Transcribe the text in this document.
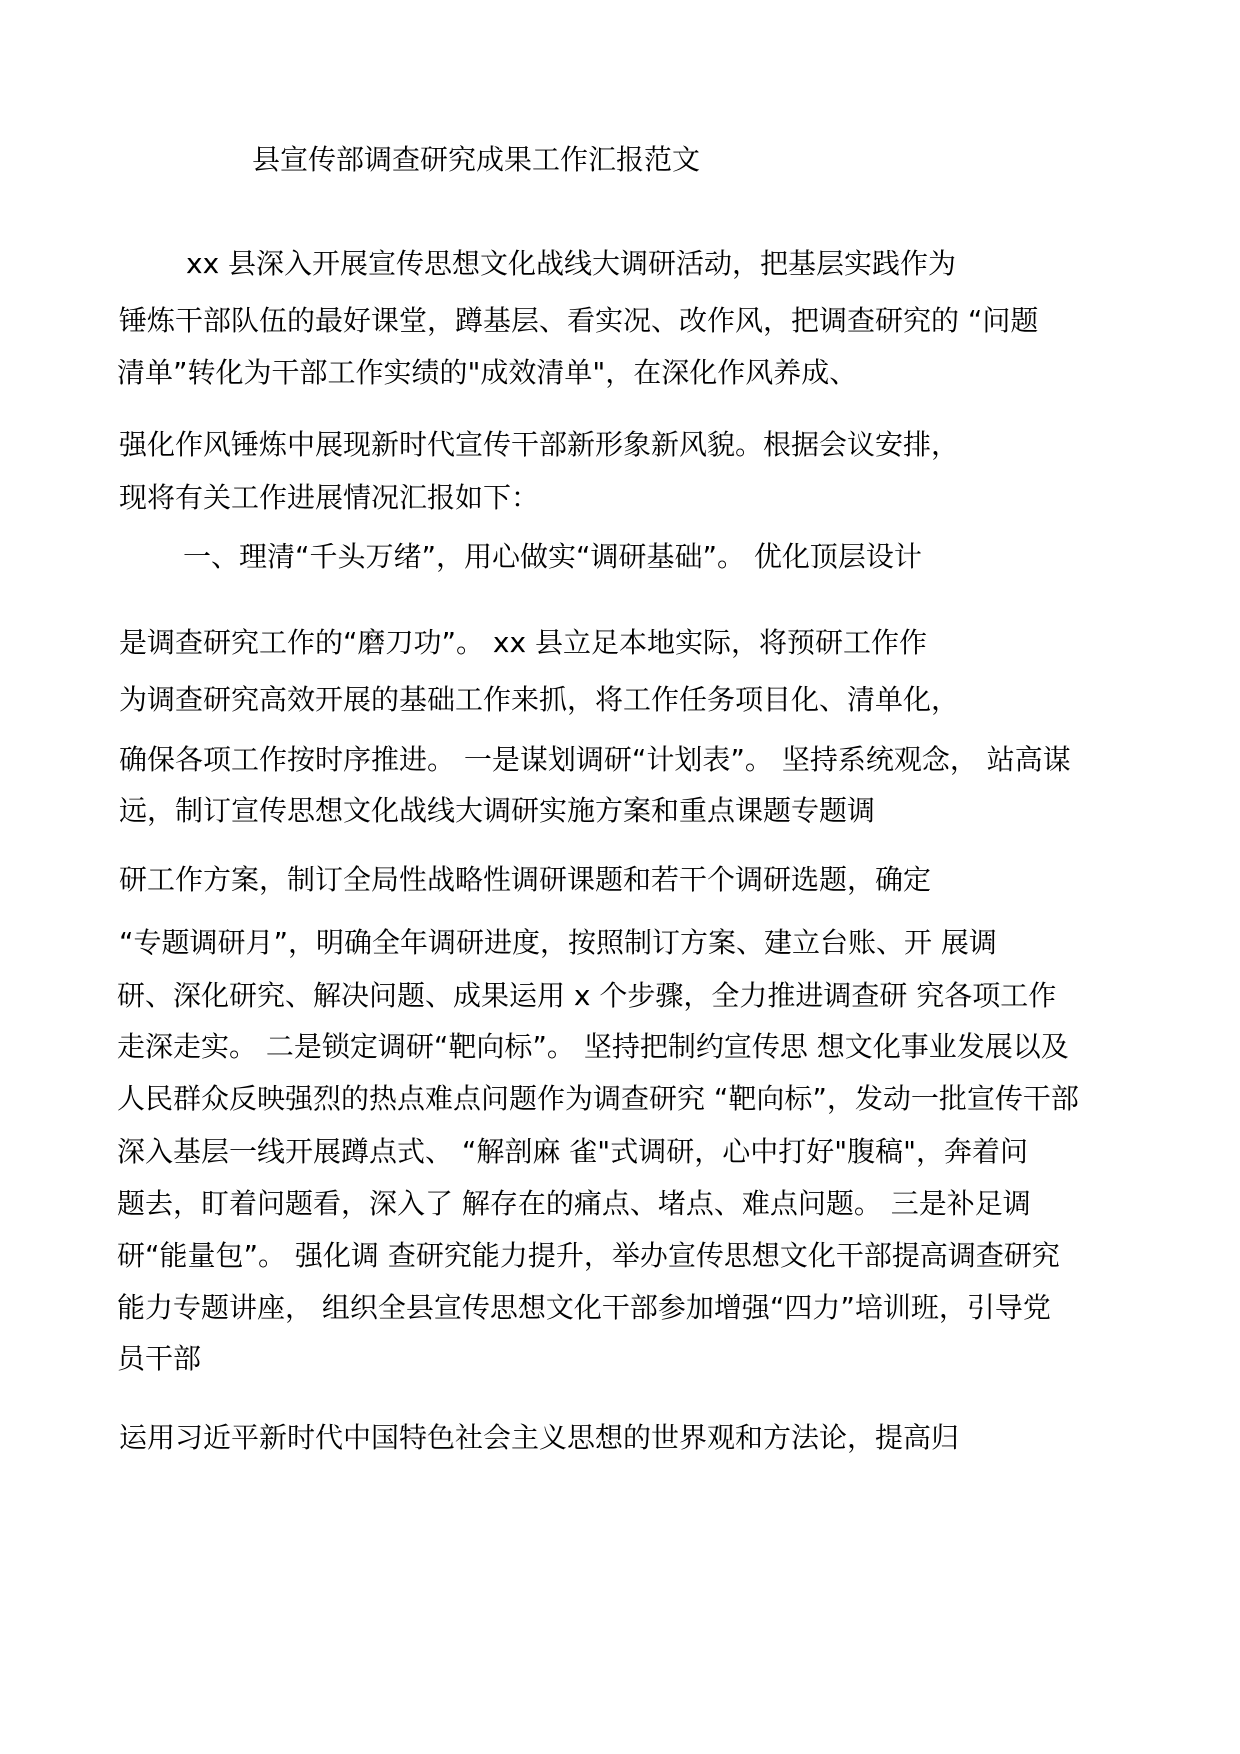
县宣传部调查研究成果工作汇报范文
xx 县深入开展宣传思想文化战线大调研活动，把基层实践作为
锤炼干部队伍的最好课堂，蹲基层、看实况、改作风，把调查研究的 “问题
清单”转化为干部工作实绩的"成效清单"，在深化作风养成、
强化作风锤炼中展现新时代宣传干部新形象新风貌。根据会议安排，
现将有关工作进展情况汇报如下：
一、理清“千头万绪”，用心做实“调研基础”。 优化顶层设计
是调查研究工作的“磨刀功”。 xx 县立足本地实际，将预研工作作
为调查研究高效开展的基础工作来抓，将工作任务项目化、清单化，
确保各项工作按时序推进。 一是谋划调研“计划表”。 坚持系统观念， 站高谋
远，制订宣传思想文化战线大调研实施方案和重点课题专题调
研工作方案，制订全局性战略性调研课题和若干个调研选题，确定
“专题调研月”，明确全年调研进度，按照制订方案、建立台账、开 展调
研、深化研究、解决问题、成果运用 x 个步骤，全力推进调查研 究各项工作
走深走实。 二是锁定调研“靶向标”。 坚持把制约宣传思 想文化事业发展以及
人民群众反映强烈的热点难点问题作为调查研究 “靶向标”，发动一批宣传干部
深入基层一线开展蹲点式、 “解剖麻 雀"式调研，心中打好"腹稿"，奔着问
题去，盯着问题看，深入了 解存在的痛点、堵点、难点问题。 三是补足调
研“能量包”。 强化调 查研究能力提升，举办宣传思想文化干部提高调查研究
能力专题讲座， 组织全县宣传思想文化干部参加增强“四力”培训班，引导党
员干部
运用习近平新时代中国特色社会主义思想的世界观和方法论，提高归
